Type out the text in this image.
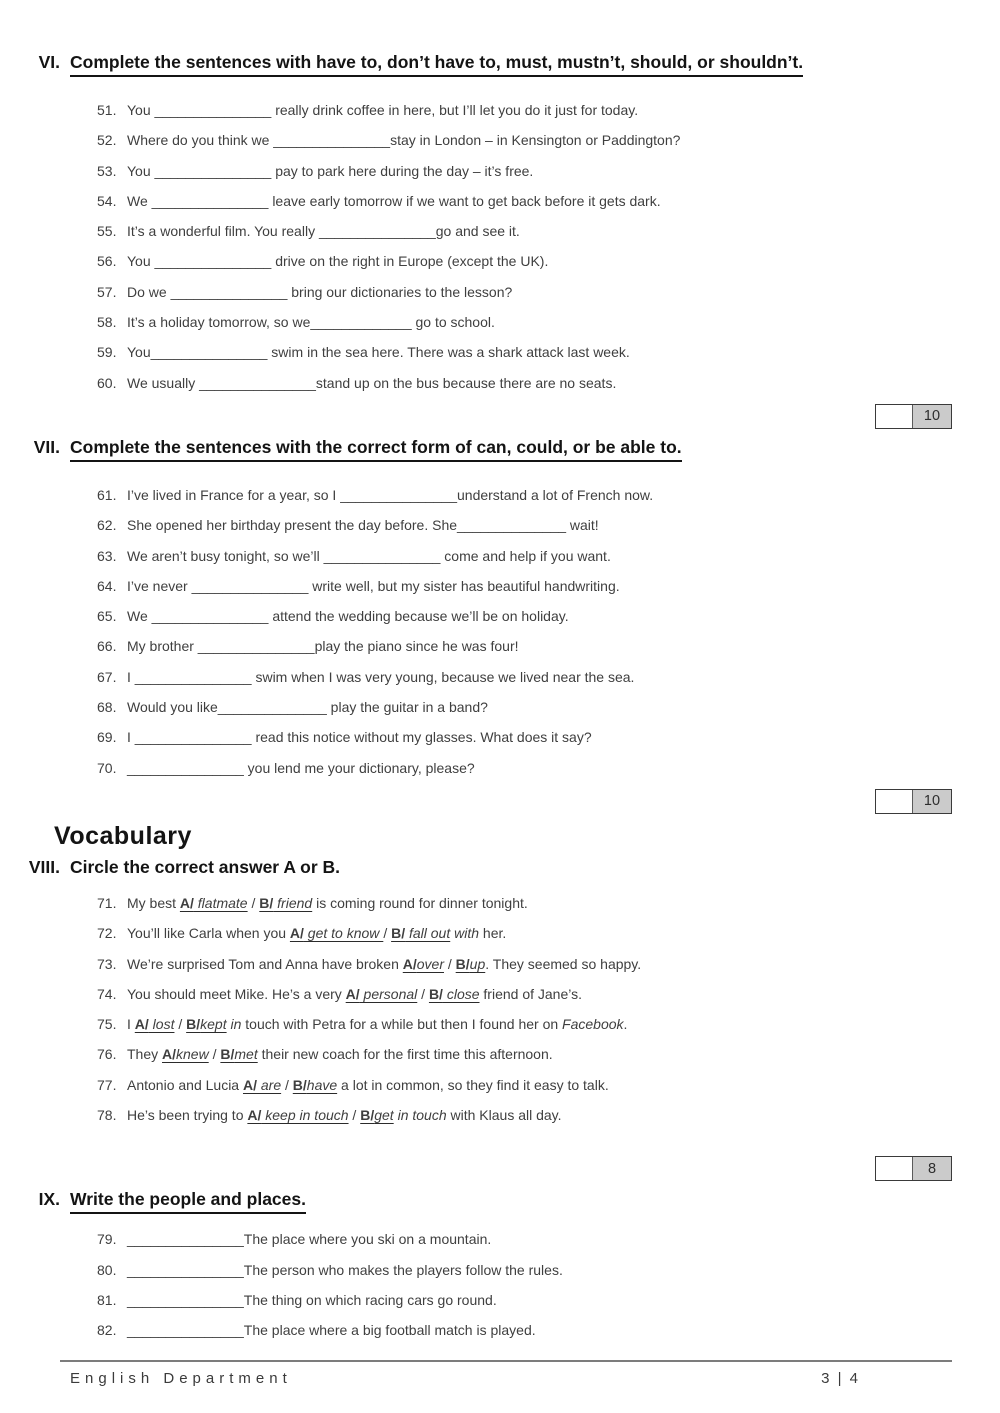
VI. Complete the sentences with have to, don’t have to, must, mustn’t, should, or shouldn’t.
51. You _______________ really drink coffee in here, but I’ll let you do it just for today.
52. Where do you think we _______________stay in London – in Kensington or Paddington?
53. You _______________ pay to park here during the day – it’s free.
54. We _______________ leave early tomorrow if we want to get back before it gets dark.
55. It’s a wonderful film. You really _______________go and see it.
56. You _______________ drive on the right in Europe (except the UK).
57. Do we _______________ bring our dictionaries to the lesson?
58. It’s a holiday tomorrow, so we_____________ go to school.
59. You_______________ swim in the sea here. There was a shark attack last week.
60. We usually _______________stand up on the bus because there are no seats.
10
VII. Complete the sentences with the correct form of can, could, or be able to.
61. I’ve lived in France for a year, so I _______________understand a lot of French now.
62. She opened her birthday present the day before. She______________ wait!
63. We aren’t busy tonight, so we’ll _______________ come and help if you want.
64. I’ve never _______________ write well, but my sister has beautiful handwriting.
65. We _______________ attend the wedding because we’ll be on holiday.
66. My brother _______________play the piano since he was four!
67. I _______________ swim when I was very young, because we lived near the sea.
68. Would you like______________ play the guitar in a band?
69. I _______________ read this notice without my glasses. What does it say?
70. _______________ you lend me your dictionary, please?
10
Vocabulary
VIII. Circle the correct answer A or B.
71. My best A/ flatmate / B/ friend is coming round for dinner tonight.
72. You’ll like Carla when you A/ get to know / B/ fall out with her.
73. We’re surprised Tom and Anna have broken A/over / B/up. They seemed so happy.
74. You should meet Mike. He’s a very A/ personal / B/ close friend of Jane’s.
75. I A/ lost / B/kept in touch with Petra for a while but then I found her on Facebook.
76. They A/knew / B/met their new coach for the first time this afternoon.
77. Antonio and Lucia A/ are / B/have a lot in common, so they find it easy to talk.
78. He’s been trying to A/ keep in touch / B/get in touch with Klaus all day.
8
IX. Write the people and places.
79. _______________The place where you ski on a mountain.
80. _______________The person who makes the players follow the rules.
81. _______________The thing on which racing cars go round.
82. _______________The place where a big football match is played.
English Department	3 | 4
